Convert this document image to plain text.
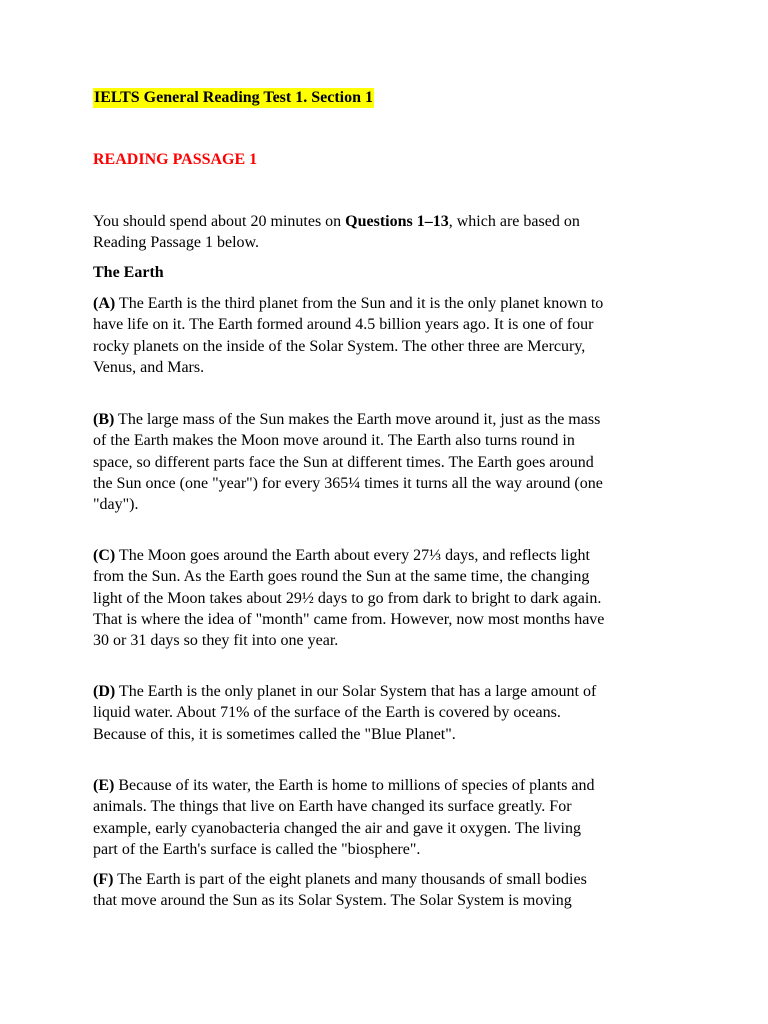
IELTS General Reading Test 1. Section 1
READING PASSAGE 1

You should spend about 20 minutes on Questions 1–13, which are based on
Reading Passage 1 below.

The Earth

(A) The Earth is the third planet from the Sun and it is the only planet known to
have life on it. The Earth formed around 4.5 billion years ago. It is one of four
rocky planets on the inside of the Solar System. The other three are Mercury,
Venus, and Mars.

(B) The large mass of the Sun makes the Earth move around it, just as the mass
of the Earth makes the Moon move around it. The Earth also turns round in
space, so different parts face the Sun at different times. The Earth goes around
the Sun once (one "year") for every 365¼ times it turns all the way around (one
"day").

(C) The Moon goes around the Earth about every 27⅓ days, and reflects light
from the Sun. As the Earth goes round the Sun at the same time, the changing
light of the Moon takes about 29½ days to go from dark to bright to dark again.
That is where the idea of "month" came from. However, now most months have
30 or 31 days so they fit into one year.

(D) The Earth is the only planet in our Solar System that has a large amount of
liquid water. About 71% of the surface of the Earth is covered by oceans.
Because of this, it is sometimes called the "Blue Planet".

(E) Because of its water, the Earth is home to millions of species of plants and
animals. The things that live on Earth have changed its surface greatly. For
example, early cyanobacteria changed the air and gave it oxygen. The living
part of the Earth's surface is called the "biosphere".

(F) The Earth is part of the eight planets and many thousands of small bodies
that move around the Sun as its Solar System. The Solar System is moving
